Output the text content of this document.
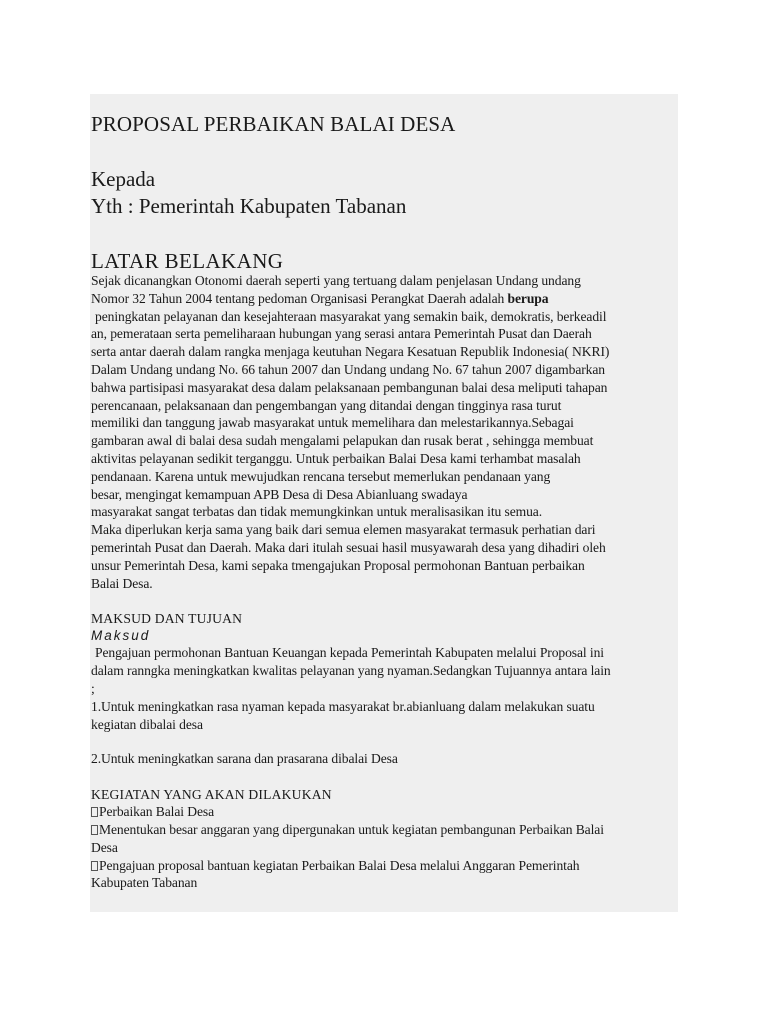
PROPOSAL PERBAIKAN BALAI DESA
Kepada
Yth : Pemerintah Kabupaten Tabanan
LATAR BELAKANG

Sejak dicanangkan Otonomi daerah seperti yang tertuang dalam penjelasan Undang undang

Nomor 32 Tahun 2004 tentang pedoman Organisasi Perangkat Daerah adalah berupa

peningkatan pelayanan dan kesejahteraan masyarakat yang semakin baik, demokratis, berkeadil

an, pemerataan serta pemeliharaan hubungan yang serasi antara Pemerintah Pusat dan Daerah

serta antar daerah dalam rangka menjaga keutuhan Negara Kesatuan Republik Indonesia( NKRI)

Dalam Undang undang No. 66 tahun 2007 dan Undang undang No. 67 tahun 2007 digambarkan

bahwa partisipasi masyarakat desa dalam pelaksanaan pembangunan balai desa meliputi tahapan

perencanaan, pelaksanaan dan pengembangan yang ditandai dengan tingginya rasa turut

memiliki dan tanggung jawab masyarakat untuk memelihara dan melestarikannya.Sebagai

gambaran awal di balai desa sudah mengalami pelapukan dan rusak berat , sehingga membuat

aktivitas pelayanan sedikit terganggu. Untuk perbaikan Balai Desa kami terhambat masalah

pendanaan. Karena untuk mewujudkan rencana tersebut memerlukan pendanaan yang

besar, mengingat kemampuan APB Desa di Desa Abianluang swadaya

masyarakat sangat terbatas dan tidak memungkinkan untuk meralisasikan itu semua.

Maka diperlukan kerja sama yang baik dari semua elemen masyarakat termasuk perhatian dari

pemerintah Pusat dan Daerah. Maka dari itulah sesuai hasil musyawarah desa yang dihadiri oleh

unsur Pemerintah Desa, kami sepaka tmengajukan Proposal permohonan Bantuan perbaikan

Balai Desa.

MAKSUD DAN TUJUAN
Maksud

Pengajuan permohonan Bantuan Keuangan kepada Pemerintah Kabupaten melalui Proposal ini

dalam ranngka meningkatkan kwalitas pelayanan yang nyaman.Sedangkan Tujuannya antara lain

;

1.Untuk meningkatkan rasa nyaman kepada masyarakat br.abianluang dalam melakukan suatu

kegiatan dibalai desa

2.Untuk meningkatkan sarana dan prasarana dibalai Desa

KEGIATAN YANG AKAN DILAKUKAN

Perbaikan Balai Desa

Menentukan besar anggaran yang dipergunakan untuk kegiatan pembangunan Perbaikan Balai

Desa

Pengajuan proposal bantuan kegiatan Perbaikan Balai Desa melalui Anggaran Pemerintah

Kabupaten Tabanan
